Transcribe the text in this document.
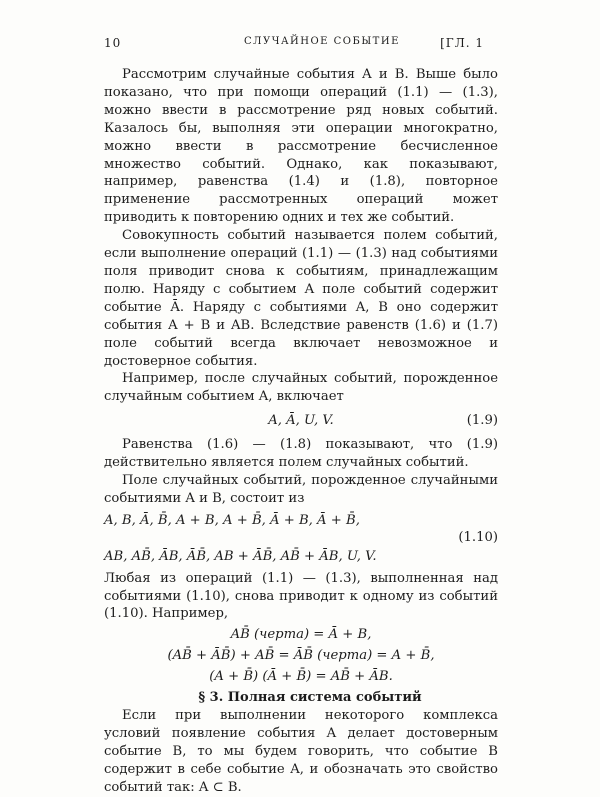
10	СЛУЧАЙНОЕ СОБЫТИЕ	[ГЛ. 1

Рассмотрим случайные события A и B. Выше было показано, что при помощи операций (1.1) — (1.3), можно ввести в рассмотрение ряд новых событий. Казалось бы, выполняя эти операции многократно, можно ввести в рассмотрение бесчисленное множество событий. Однако, как показывают, например, равенства (1.4) и (1.8), повторное применение рассмотренных операций может приводить к повторению одних и тех же событий.

Совокупность событий называется полем событий, если выполнение операций (1.1) — (1.3) над событиями поля приводит снова к событиям, принадлежащим полю. Наряду с событием A поле событий содержит событие Ā. Наряду с событиями A, B оно содержит события A + B и AB. Вследствие равенств (1.6) и (1.7) поле событий всегда включает невозможное и достоверное события.

Например, после случайных событий, порожденное случайным событием A, включает

A, Ā, U, V.	(1.9)

Равенства (1.6) — (1.8) показывают, что (1.9) действительно является полем случайных событий.

Поле случайных событий, порожденное случайными событиями A и B, состоит из

A, B, Ā, B̄, A + B, A + B̄, Ā + B, Ā + B̄,
(1.10)
AB, AB̄, ĀB, ĀB̄, AB + ĀB̄, AB̄ + ĀB, U, V.

Любая из операций (1.1) — (1.3), выполненная над событиями (1.10), снова приводит к одному из событий (1.10). Например,

AB̄ (черта) = Ā + B,
(AB̄ + ĀB̄) + AB̄ = ĀB̄ (черта) = A + B̄,
(A + B̄) (Ā + B̄) = AB̄ + ĀB.

§ 3. Полная система событий

Если при выполнении некоторого комплекса условий появление события A делает достоверным событие B, то мы будем говорить, что событие B содержит в себе событие A, и обозначать это свойство событий так: A ⊂ B.
